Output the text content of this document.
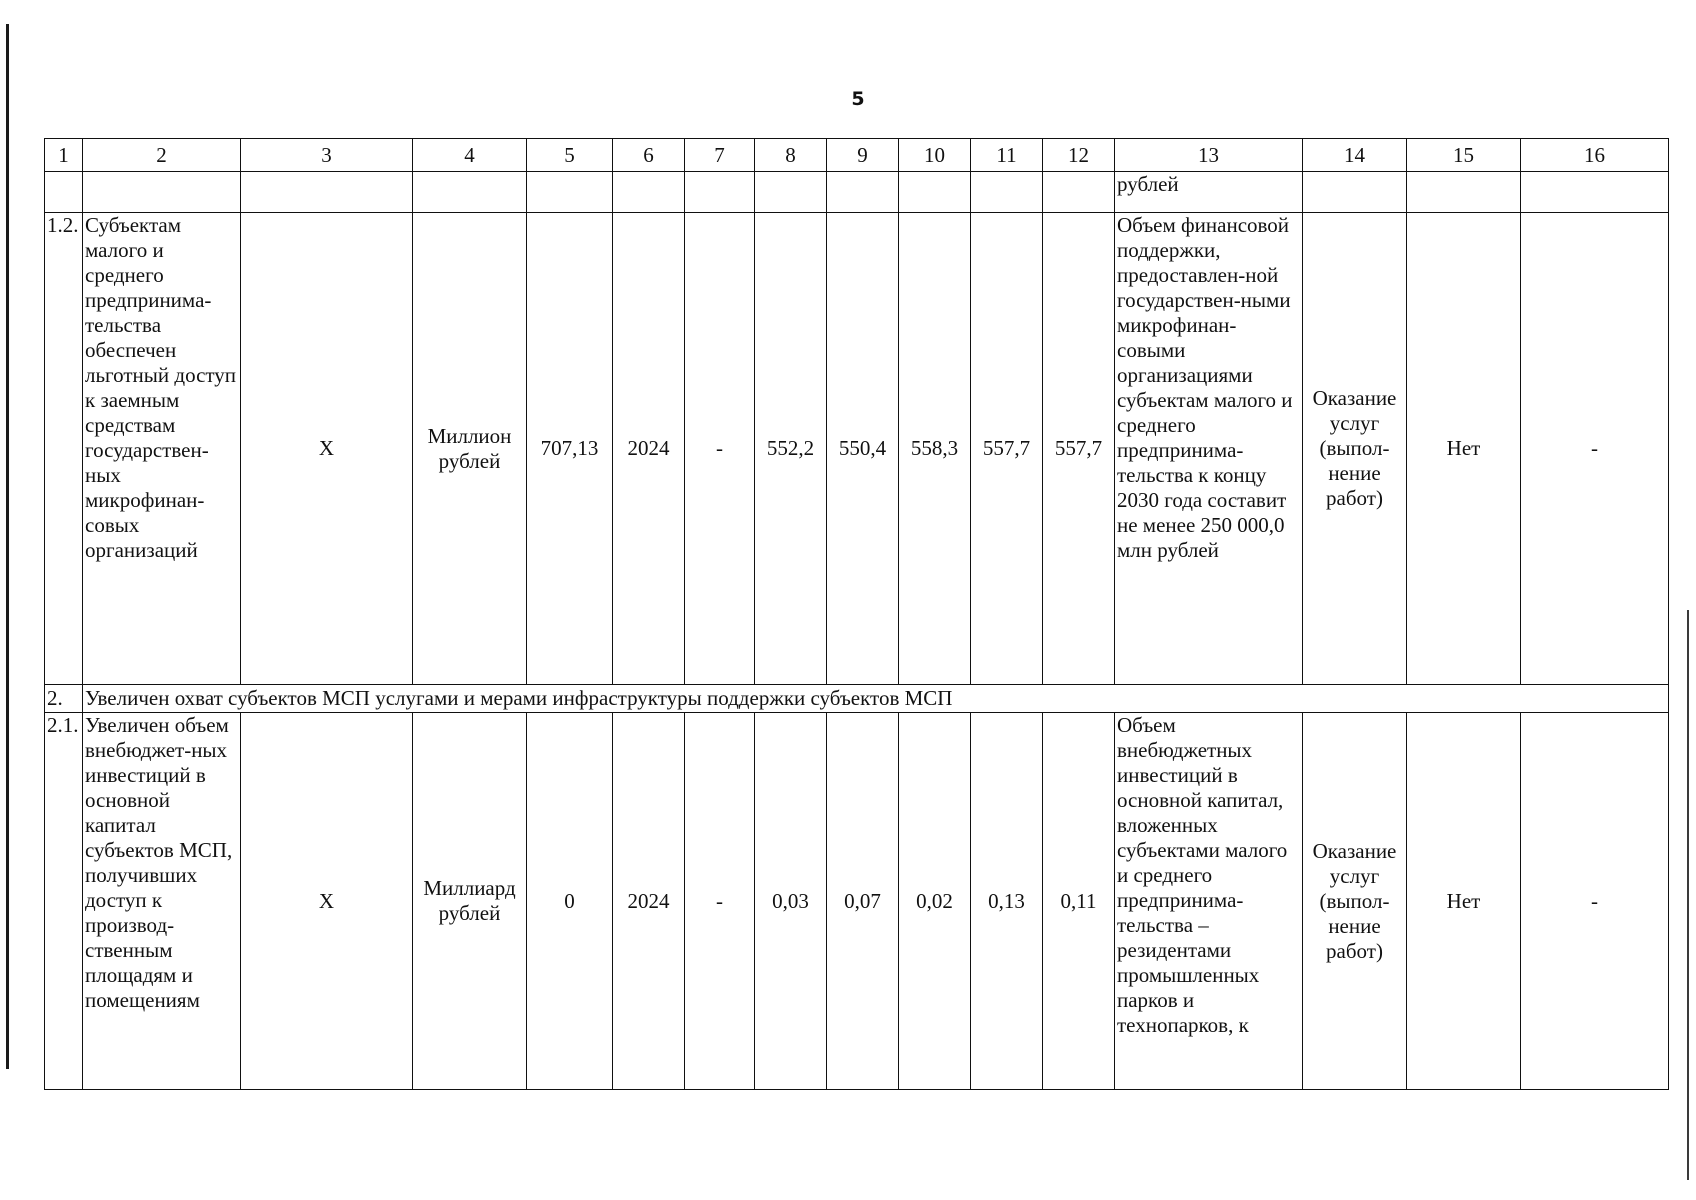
5
1	2	3	4	5	6	7	8	9	10	11	12	13	14	15	16
												рублей			
1.2.	Субъектам малого и среднего предпринима-тельства обеспечен льготный доступ к заемным средствам государствен-ных микрофинан-совых организаций	Х	Миллион рублей	707,13	2024	-	552,2	550,4	558,3	557,7	557,7	Объем финансовой поддержки, предоставлен-ной государствен-ными микрофинан-совыми организациями субъектам малого и среднего предпринима-тельства к концу 2030 года составит не менее 250 000,0 млн рублей	Оказание услуг (выпол-нение работ)	Нет	-
2.	Увеличен охват субъектов МСП услугами и мерами инфраструктуры поддержки субъектов МСП														
2.1.	Увеличен объем внебюджет-ных инвестиций в основной капитал субъектов МСП, получивших доступ к производ-ственным площадям и помещениям	Х	Миллиард рублей	0	2024	-	0,03	0,07	0,02	0,13	0,11	Объем внебюджетных инвестиций в основной капитал, вложенных субъектами малого и среднего предпринима-тельства – резидентами промышленных парков и технопарков, к	Оказание услуг (выпол-нение работ)	Нет	-
